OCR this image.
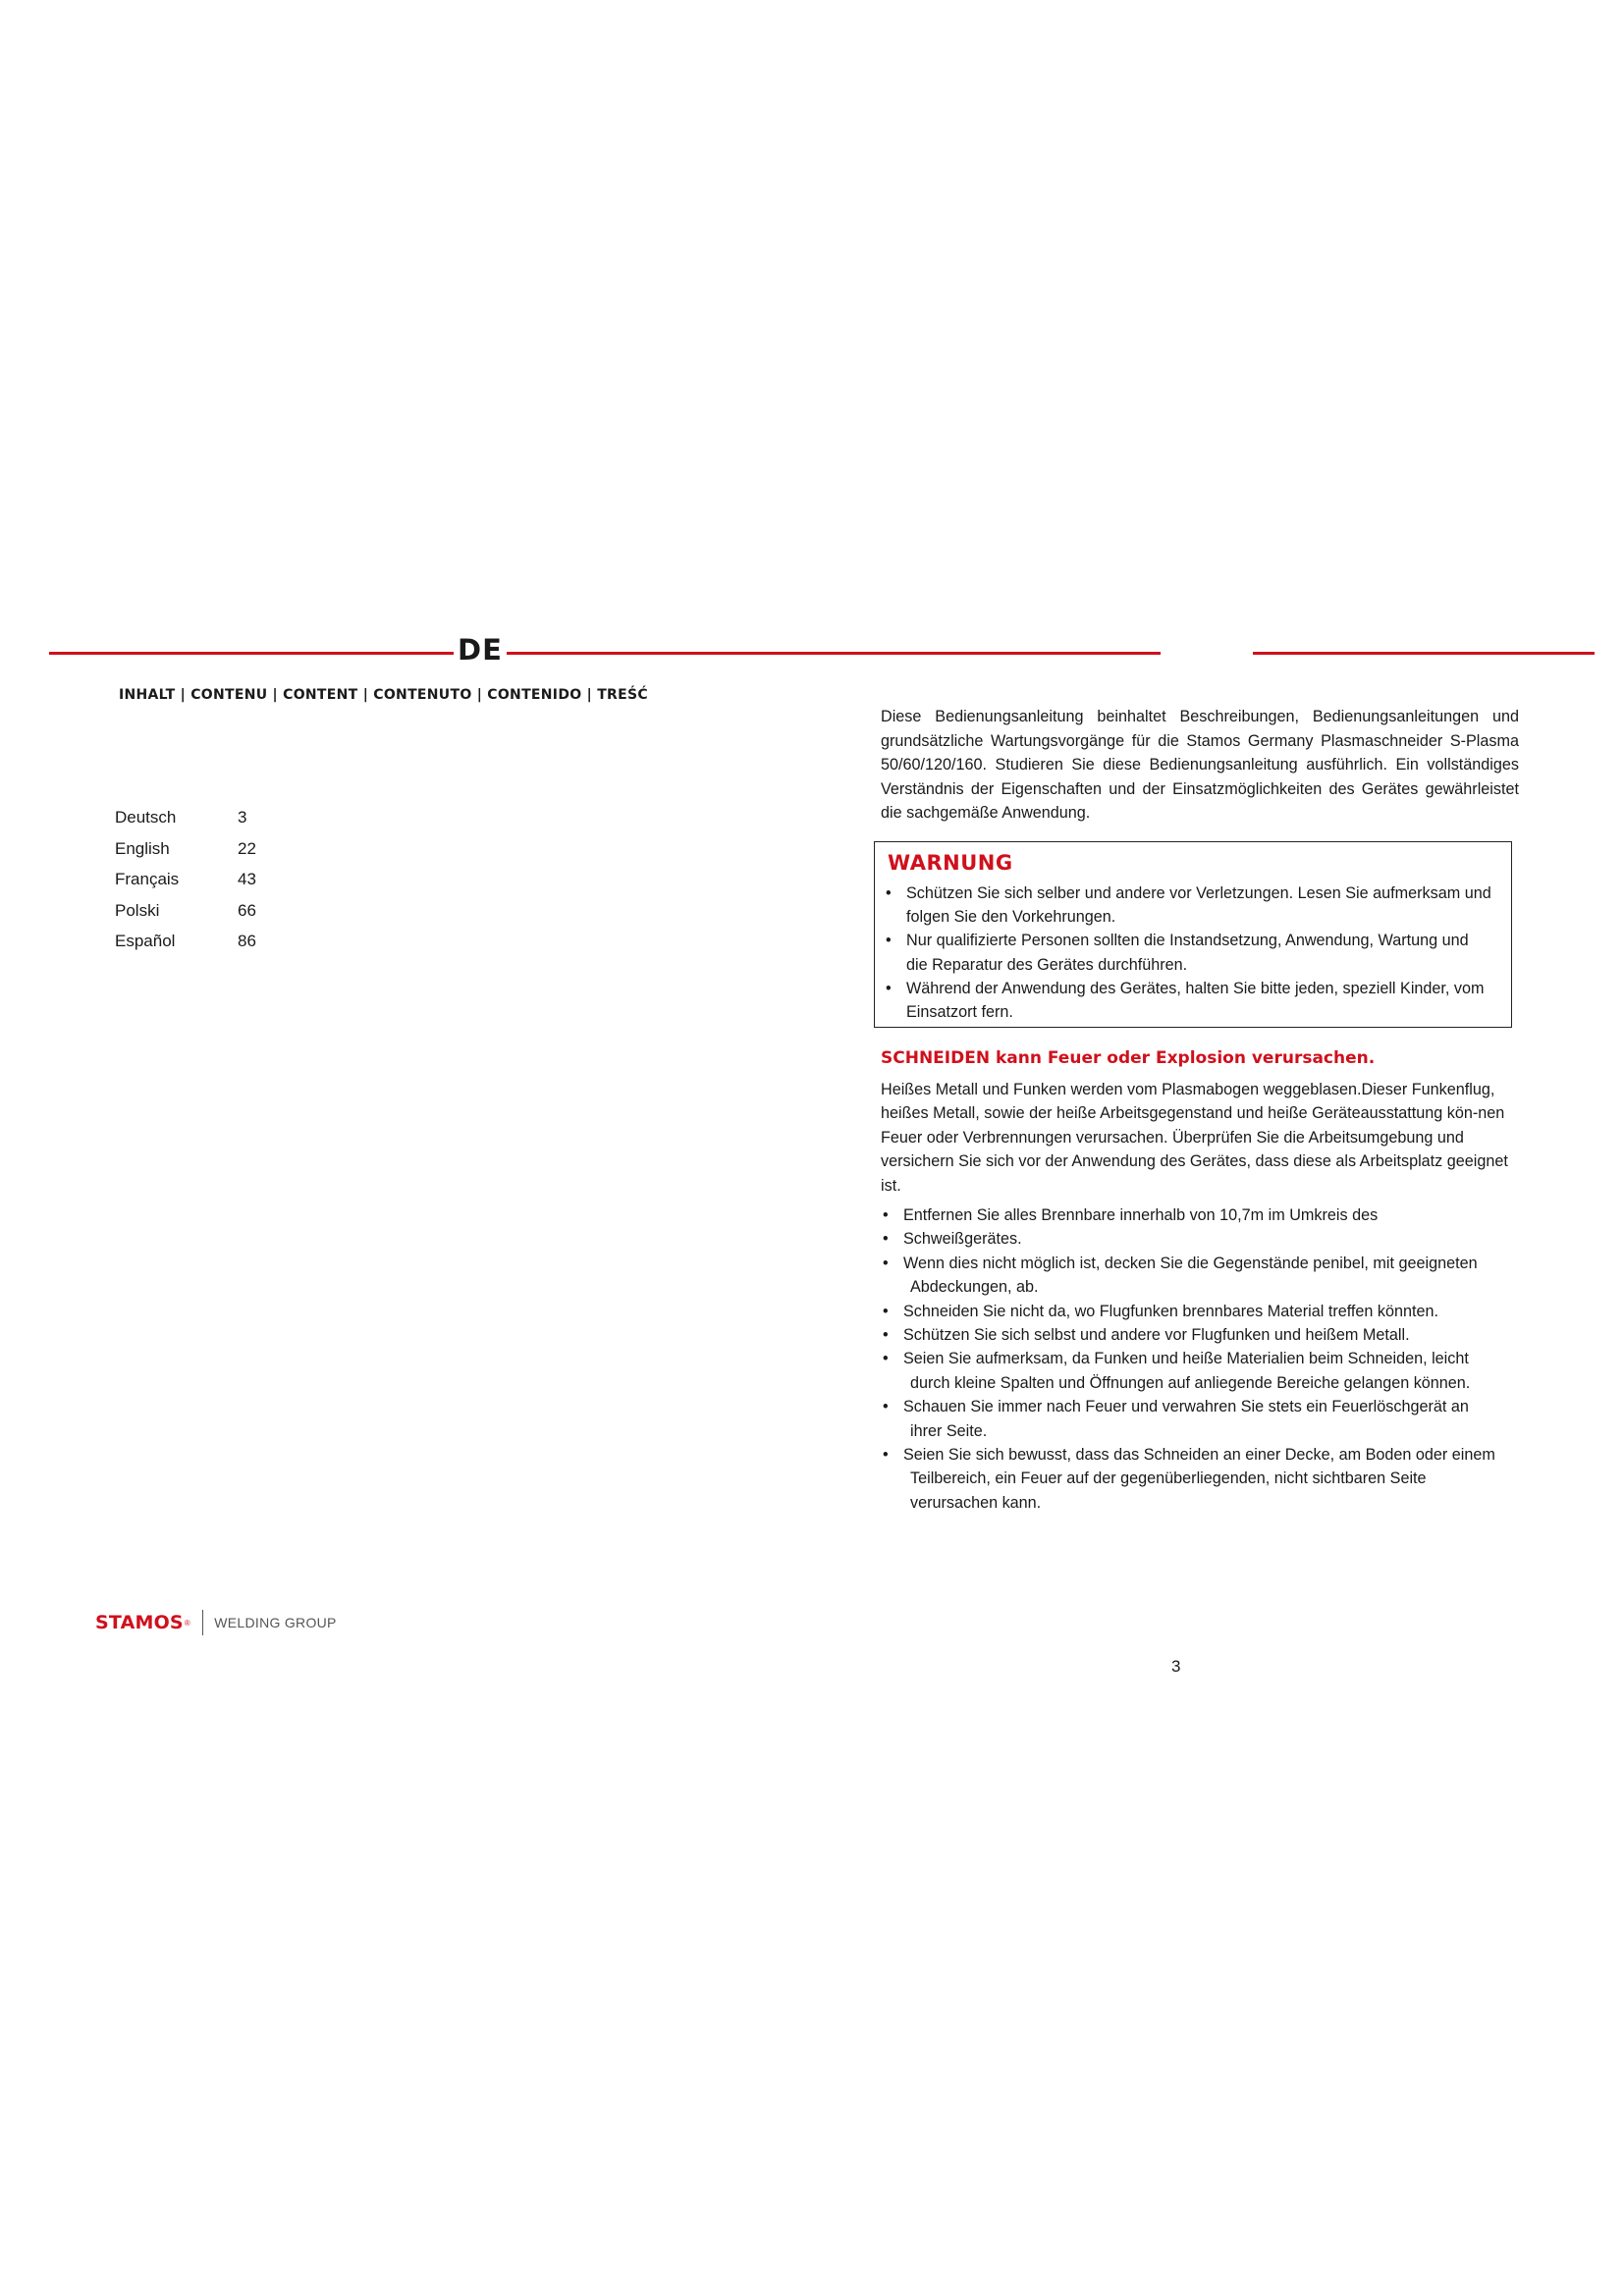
DE
INHALT | CONTENU | CONTENT | CONTENUTO | CONTENIDO | TREŚĆ
Deutsch	3
English	22
Français	43
Polski	66
Español	86

Diese Bedienungsanleitung beinhaltet Beschreibungen, Bedienungsanleitungen und grundsätzliche Wartungsvorgänge für die Stamos Germany Plasmaschneider S-Plasma 50/60/120/160. Studieren Sie diese Bedienungsanleitung ausführlich. Ein vollständiges Verständnis der Eigenschaften und der Einsatzmöglichkeiten des Gerätes gewährleistet die sachgemäße Anwendung.

WARNUNG
• Schützen Sie sich selber und andere vor Verletzungen. Lesen Sie aufmerksam und
folgen Sie den Vorkehrungen.
• Nur qualifizierte Personen sollten die Instandsetzung, Anwendung, Wartung und
die Reparatur des Gerätes durchführen.
• Während der Anwendung des Gerätes, halten Sie bitte jeden, speziell Kinder, vom
Einsatzort fern.
SCHNEIDEN kann Feuer oder Explosion verursachen.

Heißes Metall und Funken werden vom Plasmabogen weggeblasen.Dieser Funkenflug, heißes Metall, sowie der heiße Arbeitsgegenstand und heiße Geräteausstattung kön-nen Feuer oder Verbrennungen verursachen. Überprüfen Sie die Arbeitsumgebung und versichern Sie sich vor der Anwendung des Gerätes, dass diese als Arbeitsplatz geeignet ist.

• Entfernen Sie alles Brennbare innerhalb von 10,7m im Umkreis des
• Schweißgerätes.
• Wenn dies nicht möglich ist, decken Sie die Gegenstände penibel, mit geeigneten
Abdeckungen, ab.
• Schneiden Sie nicht da, wo Flugfunken brennbares Material treffen könnten.
• Schützen Sie sich selbst und andere vor Flugfunken und heißem Metall.
• Seien Sie aufmerksam, da Funken und heiße Materialien beim Schneiden, leicht
durch kleine Spalten und Öffnungen auf anliegende Bereiche gelangen können.
• Schauen Sie immer nach Feuer und verwahren Sie stets ein Feuerlöschgerät an
ihrer Seite.
• Seien Sie sich bewusst, dass das Schneiden an einer Decke, am Boden oder einem
Teilbereich, ein Feuer auf der gegenüberliegenden, nicht sichtbaren Seite
verursachen kann.
STAMOS ® WELDING GROUP
3
